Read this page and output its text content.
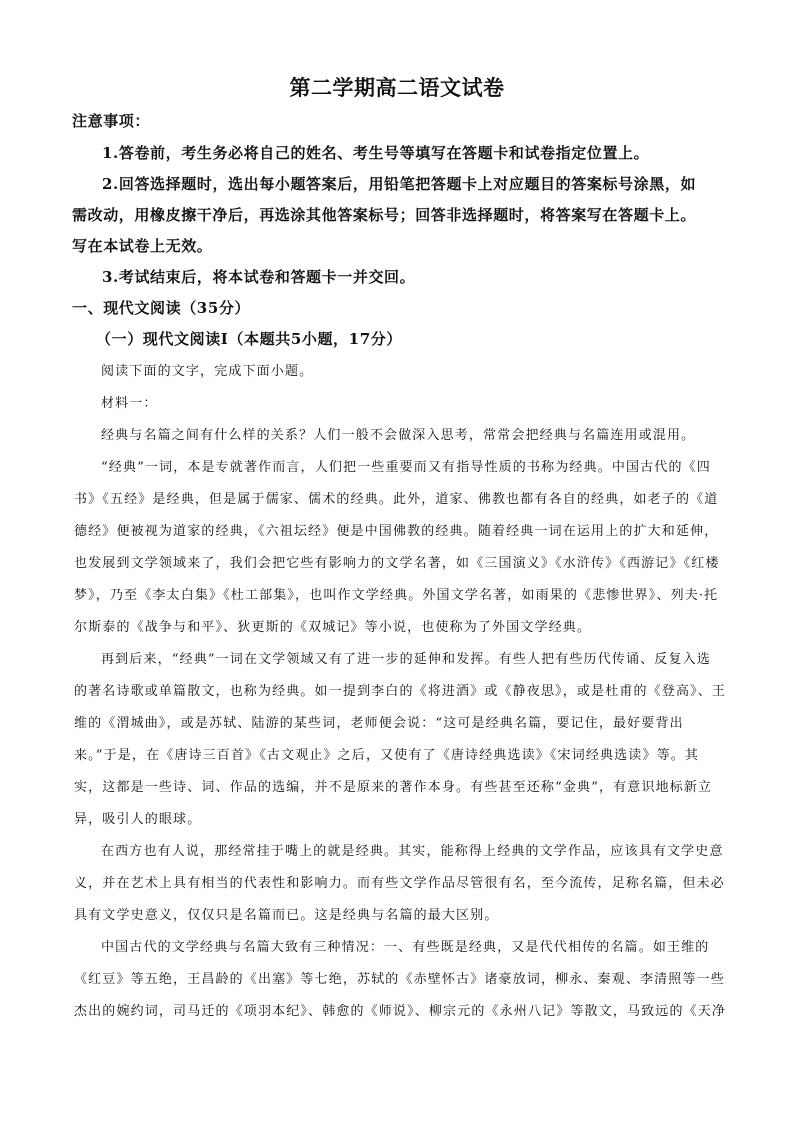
第二学期高二语文试卷
注意事项：
1.答卷前，考生务必将自己的姓名、考生号等填写在答题卡和试卷指定位置上。
2.回答选择题时，选出每小题答案后，用铅笔把答题卡上对应题目的答案标号涂黑，如
需改动，用橡皮擦干净后，再选涂其他答案标号；回答非选择题时，将答案写在答题卡上。
写在本试卷上无效。
3.考试结束后，将本试卷和答题卡一并交回。
一、现代文阅读（35分）
（一）现代文阅读Ⅰ（本题共5小题，17分）
阅读下面的文字，完成下面小题。
材料一：
经典与名篇之间有什么样的关系？人们一般不会做深入思考，常常会把经典与名篇连用或混用。
“经典”一词，本是专就著作而言，人们把一些重要而又有指导性质的书称为经典。中国古代的《四
书》《五经》是经典，但是属于儒家、儒术的经典。此外，道家、佛教也都有各自的经典，如老子的《道
德经》便被视为道家的经典，《六祖坛经》便是中国佛教的经典。随着经典一词在运用上的扩大和延伸，
也发展到文学领域来了，我们会把它些有影响力的文学名著，如《三国演义》《水浒传》《西游记》《红楼
梦》，乃至《李太白集》《杜工部集》，也叫作文学经典。外国文学名著，如雨果的《悲惨世界》、列夫·托
尔斯泰的《战争与和平》、狄更斯的《双城记》等小说，也使称为了外国文学经典。
再到后来，“经典”一词在文学领域又有了进一步的延伸和发挥。有些人把有些历代传诵、反复入选
的著名诗歌或单篇散文，也称为经典。如一提到李白的《将进酒》或《静夜思》，或是杜甫的《登高》、王
维的《渭城曲》，或是苏轼、陆游的某些词，老师便会说：“这可是经典名篇，要记住，最好要背出
来。”于是，在《唐诗三百首》《古文观止》之后，又使有了《唐诗经典选读》《宋词经典选读》等。其
实，这都是一些诗、词、作品的选编，并不是原来的著作本身。有些甚至还称“金典”，有意识地标新立
异，吸引人的眼球。
在西方也有人说，那经常挂于嘴上的就是经典。其实，能称得上经典的文学作品，应该具有文学史意
义，并在艺术上具有相当的代表性和影响力。而有些文学作品尽管很有名，至今流传，足称名篇，但未必
具有文学史意义，仅仅只是名篇而已。这是经典与名篇的最大区别。
中国古代的文学经典与名篇大致有三种情况：一、有些既是经典，又是代代相传的名篇。如王维的
《红豆》等五绝，王昌龄的《出塞》等七绝，苏轼的《赤壁怀古》诸豪放词，柳永、秦观、李清照等一些
杰出的婉约词，司马迁的《项羽本纪》、韩愈的《师说》、柳宗元的《永州八记》等散文，马致远的《天净
